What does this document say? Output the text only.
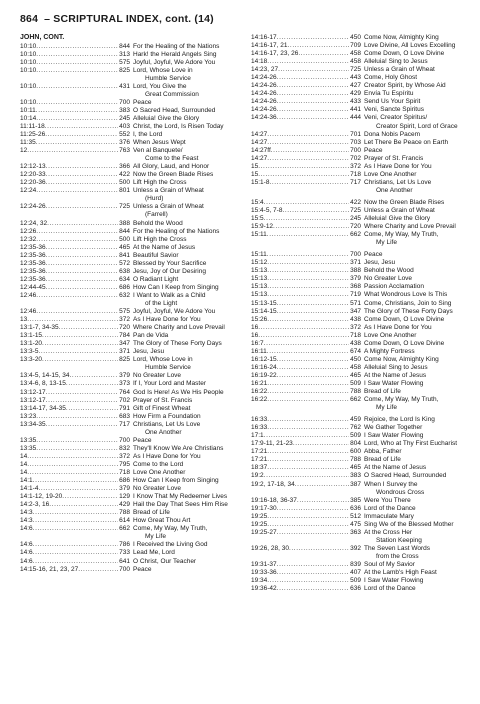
864 – SCRIPTURAL INDEX, cont. (14)
JOHN, CONT.
10:10 . . .	844 For the Healing of the Nations
10:10 . . .	313 Hark! the Herald Angels Sing
10:10 . . .	575 Joyful, Joyful, We Adore You
10:10 . . .	825 Lord, Whose Love in
Humble Service
10:10 . . .	431 Lord, You Give the
Great Commission
10:10 . . .	700 Peace
10:11 . . .	383 O Sacred Head, Surrounded
10:14 . . .	245 Alleluia! Give the Glory
11:11-18 . . .	403 Christ, the Lord, Is Risen Today
11:25-26 . . .	552 I, the Lord
11:35 . . .	376 When Jesus Wept
12 . . .	763 Ven al Banquete/
Come to the Feast
12:12-13 . . .	366 All Glory, Laud, and Honor
12:20-33 . . .	422 Now the Green Blade Rises
12:20-36 . . .	500 Lift High the Cross
12:24 . . .	801 Unless a Grain of Wheat
(Hurd)
12:24-26 . . .	725 Unless a Grain of Wheat
(Farrell)
12:24, 32 . . .	388 Behold the Wood
12:26 . . .	844 For the Healing of the Nations
12:32 . . .	500 Lift High the Cross
12:35-36 . . .	465 At the Name of Jesus
12:35-36 . . .	841 Beautiful Savior
12:35-36 . . .	572 Blessed by Your Sacrifice
12:35-36 . . .	638 Jesu, Joy of Our Desiring
12:35-36 . . .	634 O Radiant Light
12:44-45 . . .	686 How Can I Keep from Singing
12:46 . . .	632 I Want to Walk as a Child
of the Light
12:46 . . .	575 Joyful, Joyful, We Adore You
13 . . .	372 As I Have Done for You
13:1-7, 34-35 . . .	720 Where Charity and Love Prevail
13:1-15 . . .	784 Pan de Vida
13:1-20 . . .	347 The Glory of These Forty Days
13:3-5 . . .	371 Jesu, Jesu
13:3-20 . . .	825 Lord, Whose Love in
Humble Service
13:4-5, 14-15, 34 . . .	379 No Greater Love
13:4-6, 8, 13-15 . . .	373 If I, Your Lord and Master
13:12-17 . . .	764 God Is Here! As We His People
13:12-17 . . .	702 Prayer of St. Francis
13:14-17, 34-35 . . .	791 Gift of Finest Wheat
13:23 . . .	683 How Firm a Foundation
13:34-35 . . .	717 Christians, Let Us Love
One Another
13:35 . . .	700 Peace
13:35 . . .	832 They'll Know We Are Christians
14 . . .	372 As I Have Done for You
14 . . .	795 Come to the Lord
14 . . .	718 Love One Another
14:1 . . .	686 How Can I Keep from Singing
14:1-4 . . .	379 No Greater Love
14:1-12, 19-20 . . .	129 I Know That My Redeemer Lives
14:2-3, 16 . . .	429 Hail the Day That Sees Him Rise
14:3 . . .	788 Bread of Life
14:3 . . .	614 How Great Thou Art
14:6 . . .	662 Come, My Way, My Truth,
My Life
14:6 . . .	786 I Received the Living God
14:6 . . .	733 Lead Me, Lord
14:6 . . .	641 O Christ, Our Teacher
14:15-16, 21, 23, 27 . . .	700 Peace
14:16-17 . . .	450 Come Now, Almighty King
14:16-17, 21 . . .	709 Love Divine, All Loves Excelling
14:16-17, 23, 26 . . .	458 Come Down, O Love Divine
14:18 . . .	458 Alleluia! Sing to Jesus
14:23, 27 . . .	725 Unless a Grain of Wheat
14:24-26 . . .	443 Come, Holy Ghost
14:24-26 . . .	427 Creator Spirit, by Whose Aid
14:24-26 . . .	429 Envía Tu Espíritu
14:24-26 . . .	433 Send Us Your Spirit
14:24-26 . . .	441 Veni, Sancte Spiritus
14:24-36 . . .	444 Veni, Creator Spiritus/
Creator Spirit, Lord of Grace
14:27 . . .	701 Dona Nobis Pacem
14:27 . . .	703 Let There Be Peace on Earth
14:27ff . . .	700 Peace
14:27 . . .	702 Prayer of St. Francis
15 . . .	372 As I Have Done for You
15 . . .	718 Love One Another
15:1-8 . . .	717 Christians, Let Us Love
One Another
15:4 . . .	422 Now the Green Blade Rises
15:4-5, 7-8 . . .	725 Unless a Grain of Wheat
15:5 . . .	245 Alleluia! Give the Glory
15:9-12 . . .	720 Where Charity and Love Prevail
15:11 . . .	662 Come, My Way, My Truth,
My Life
15:11 . . .	700 Peace
15:12 . . .	371 Jesu, Jesu
15:13 . . .	388 Behold the Wood
15:13 . . .	379 No Greater Love
15:13 . . .	368 Passion Acclamation
15:13 . . .	719 What Wondrous Love Is This
15:13-15 . . .	571 Come, Christians, Join to Sing
15:14-15 . . .	347 The Glory of These Forty Days
15:26 . . .	438 Come Down, O Love Divine
16 . . .	372 As I Have Done for You
16 . . .	718 Love One Another
16:7 . . .	438 Come Down, O Love Divine
16:11 . . .	674 A Mighty Fortress
16:12-15 . . .	450 Come Now, Almighty King
16:16-24 . . .	458 Alleluia! Sing to Jesus
16:19-22 . . .	465 At the Name of Jesus
16:21 . . .	509 I Saw Water Flowing
16:22 . . .	788 Bread of Life
16:22 . . .	662 Come, My Way, My Truth,
My Life
16:33 . . .	459 Rejoice, the Lord Is King
16:33 . . .	762 We Gather Together
17:1 . . .	509 I Saw Water Flowing
17:9-11, 21-23 . . .	804 Lord, Who at Thy First Eucharist
17:21 . . .	600 Abba, Father
17:21 . . .	788 Bread of Life
18:37 . . .	465 At the Name of Jesus
19:2 . . .	383 O Sacred Head, Surrounded
19:2, 17-18, 34 . . .	387 When I Survey the
Wondrous Cross
19:16-18, 36-37 . . .	385 Were You There
19:17-30 . . .	636 Lord of the Dance
19:25 . . .	512 Immaculate Mary
19:25 . . .	475 Sing We of the Blessed Mother
19:25-27 . . .	363 At the Cross Her
Station Keeping
19:26, 28, 30 . . .	392 The Seven Last Words
from the Cross
19:31-37 . . .	839 Soul of My Savior
19:33-36 . . .	407 At the Lamb's High Feast
19:34 . . .	509 I Saw Water Flowing
19:36-42 . . .	636 Lord of the Dance
